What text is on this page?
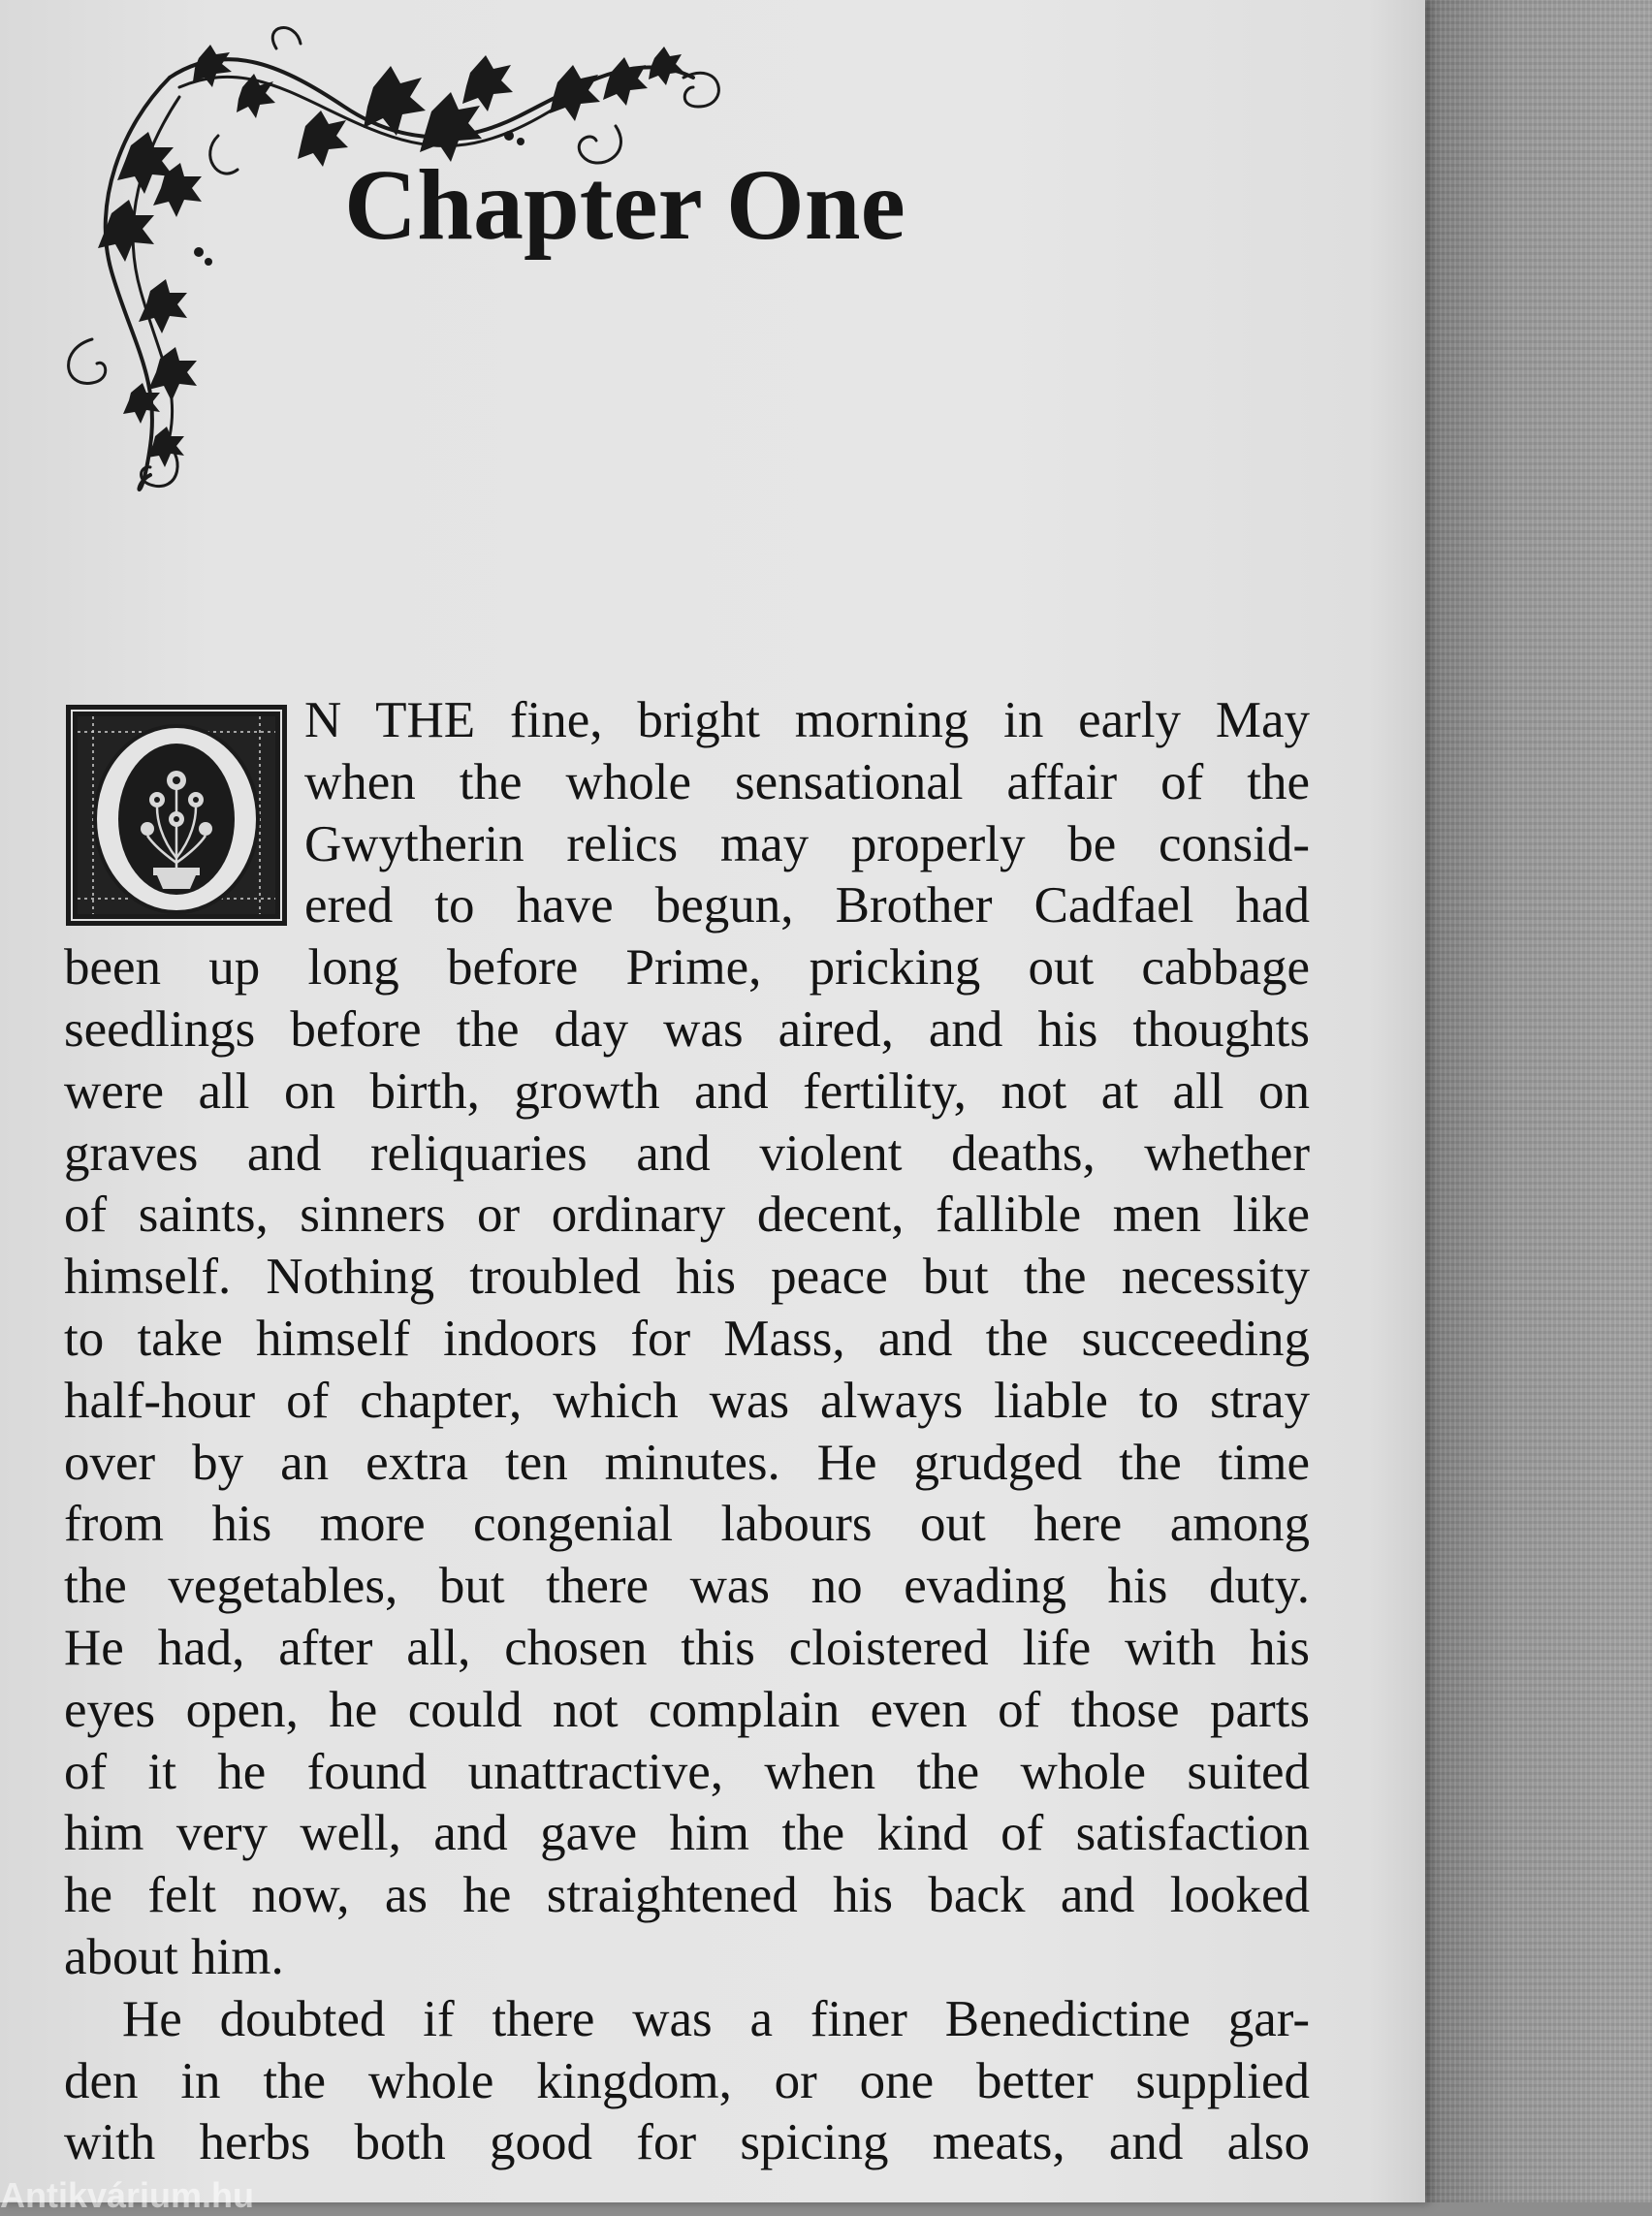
Chapter One
N THE fine, bright morning in early May
when the whole sensational affair of the
Gwytherin relics may properly be consid-
ered to have begun, Brother Cadfael had
been up long before Prime, pricking out cabbage
seedlings before the day was aired, and his thoughts
were all on birth, growth and fertility, not at all on
graves and reliquaries and violent deaths, whether
of saints, sinners or ordinary decent, fallible men like
himself. Nothing troubled his peace but the necessity
to take himself indoors for Mass, and the succeeding
half-hour of chapter, which was always liable to stray
over by an extra ten minutes. He grudged the time
from his more congenial labours out here among
the vegetables, but there was no evading his duty.
He had, after all, chosen this cloistered life with his
eyes open, he could not complain even of those parts
of it he found unattractive, when the whole suited
him very well, and gave him the kind of satisfaction
he felt now, as he straightened his back and looked
about him.
He doubted if there was a finer Benedictine gar-
den in the whole kingdom, or one better supplied
with herbs both good for spicing meats, and also
Antikvárium.hu
